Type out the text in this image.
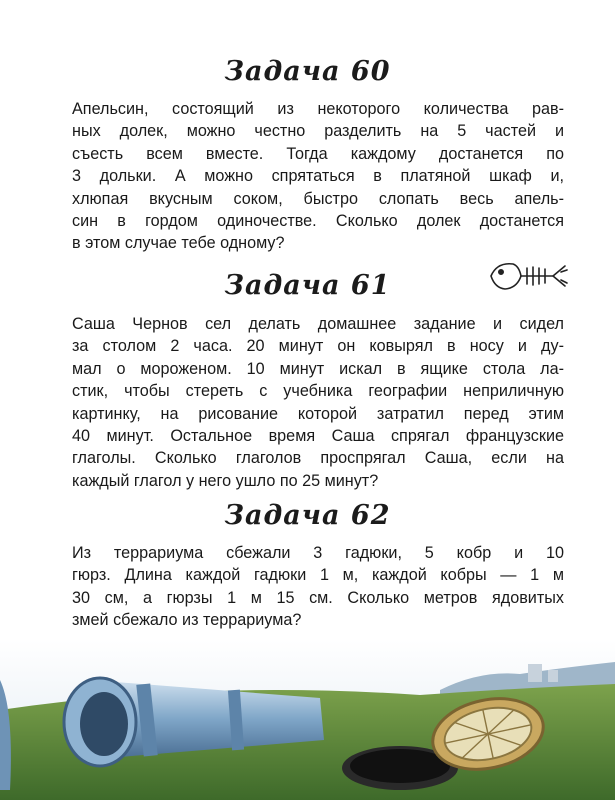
Задача 60
Апельсин, состоящий из некоторого количества рав-
ных долек, можно честно разделить на 5 частей и
съесть всем вместе. Тогда каждому достанется по
3 дольки. А можно спрятаться в платяной шкаф и,
хлюпая вкусным соком, быстро слопать весь апель-
син в гордом одиночестве. Сколько долек достанется
в этом случае тебе одному?
Задача 61
Саша Чернов сел делать домашнее задание и сидел
за столом 2 часа. 20 минут он ковырял в носу и ду-
мал о мороженом. 10 минут искал в ящике стола ла-
стик, чтобы стереть с учебника географии неприличную
картинку, на рисование которой затратил перед этим
40 минут. Остальное время Саша спрягал французские
глаголы. Сколько глаголов проспрягал Саша, если на
каждый глагол у него ушло по 25 минут?
Задача 62
Из террариума сбежали 3 гадюки, 5 кобр и 10
гюрз. Длина каждой гадюки 1 м, каждой кобры — 1 м
30 см, а гюрзы 1 м 15 см. Сколько метров ядовитых
змей сбежало из террариума?
